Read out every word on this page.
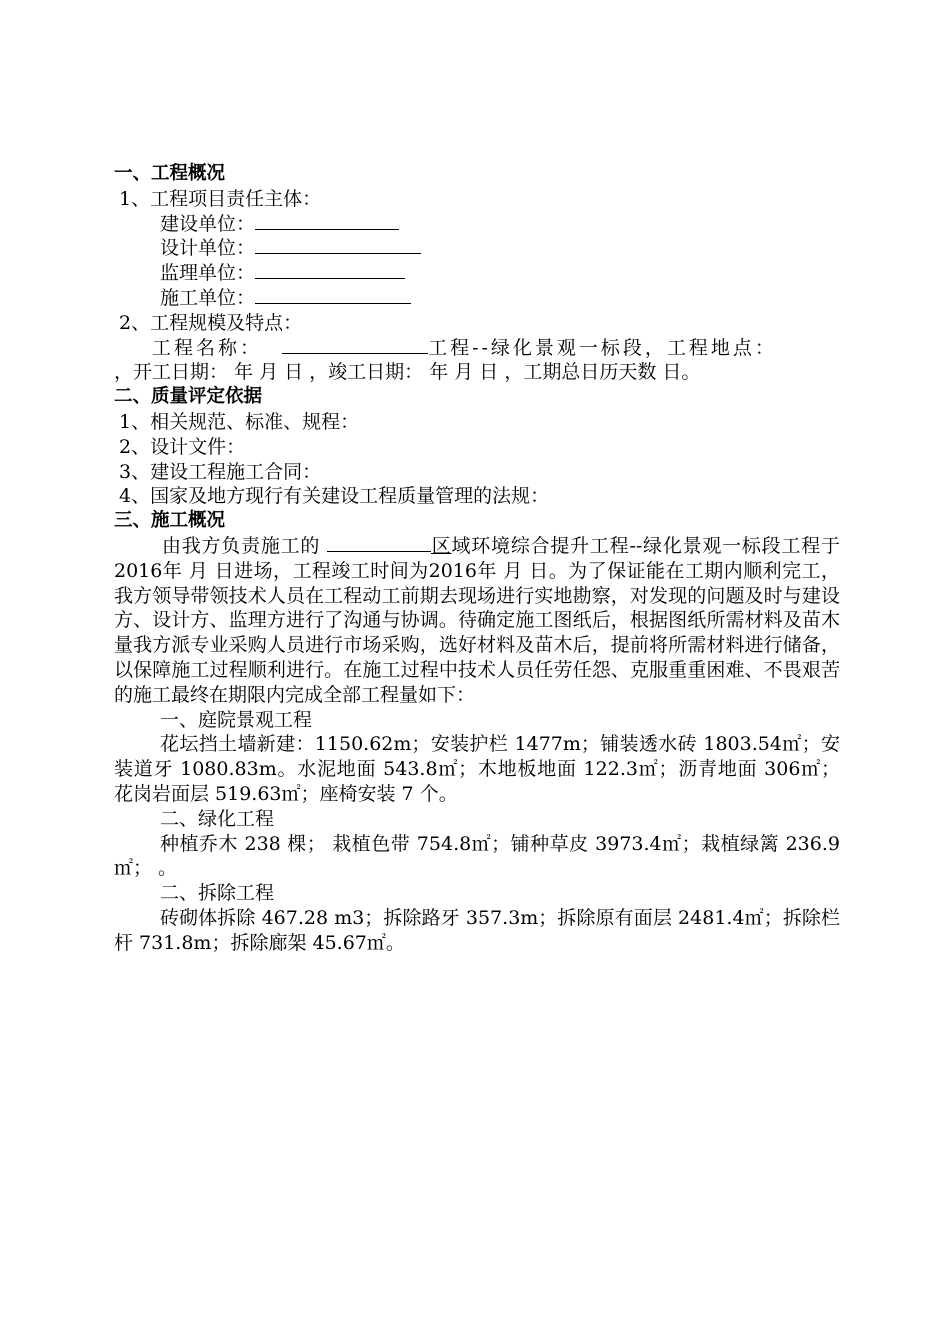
一、工程概况
1、工程项目责任主体：
建设单位：
设计单位：
监理单位：
施工单位：
2、工程规模及特点：
工程名称：	工程--绿化景观一标段，工程地点：
，开工日期： 年 月 日 ，竣工日期： 年 月 日 ，工期总日历天数 日。
二、质量评定依据
1、相关规范、标准、规程：
2、设计文件：
3、建设工程施工合同：
4、国家及地方现行有关建设工程质量管理的法规：
三、施工概况
由我方负责施工的	区域环境综合提升工程--绿化景观一标段工程于2016年 月 日进场，工程竣工时间为2016年 月 日。为了保证能在工期内顺利完工，我方领导带领技术人员在工程动工前期去现场进行实地勘察，对发现的问题及时与建设方、设计方、监理方进行了沟通与协调。待确定施工图纸后，根据图纸所需材料及苗木量我方派专业采购人员进行市场采购，选好材料及苗木后，提前将所需材料进行储备，以保障施工过程顺利进行。在施工过程中技术人员任劳任怨、克服重重困难、不畏艰苦的施工最终在期限内完成全部工程量如下：
一、庭院景观工程
花坛挡土墙新建：1150.62m；安装护栏 1477m；铺装透水砖 1803.54㎡；安装道牙 1080.83m。水泥地面 543.8㎡；木地板地面 122.3㎡；沥青地面 306㎡； 花岗岩面层 519.63㎡；座椅安装 7 个。
二、绿化工程
种植乔木 238 棵； 栽植色带 754.8㎡；铺种草皮 3973.4㎡；栽植绿篱 236.9㎡； 。
二、拆除工程
砖砌体拆除 467.28 m3；拆除路牙 357.3m；拆除原有面层 2481.4㎡；拆除栏杆 731.8m；拆除廊架 45.67㎡。
